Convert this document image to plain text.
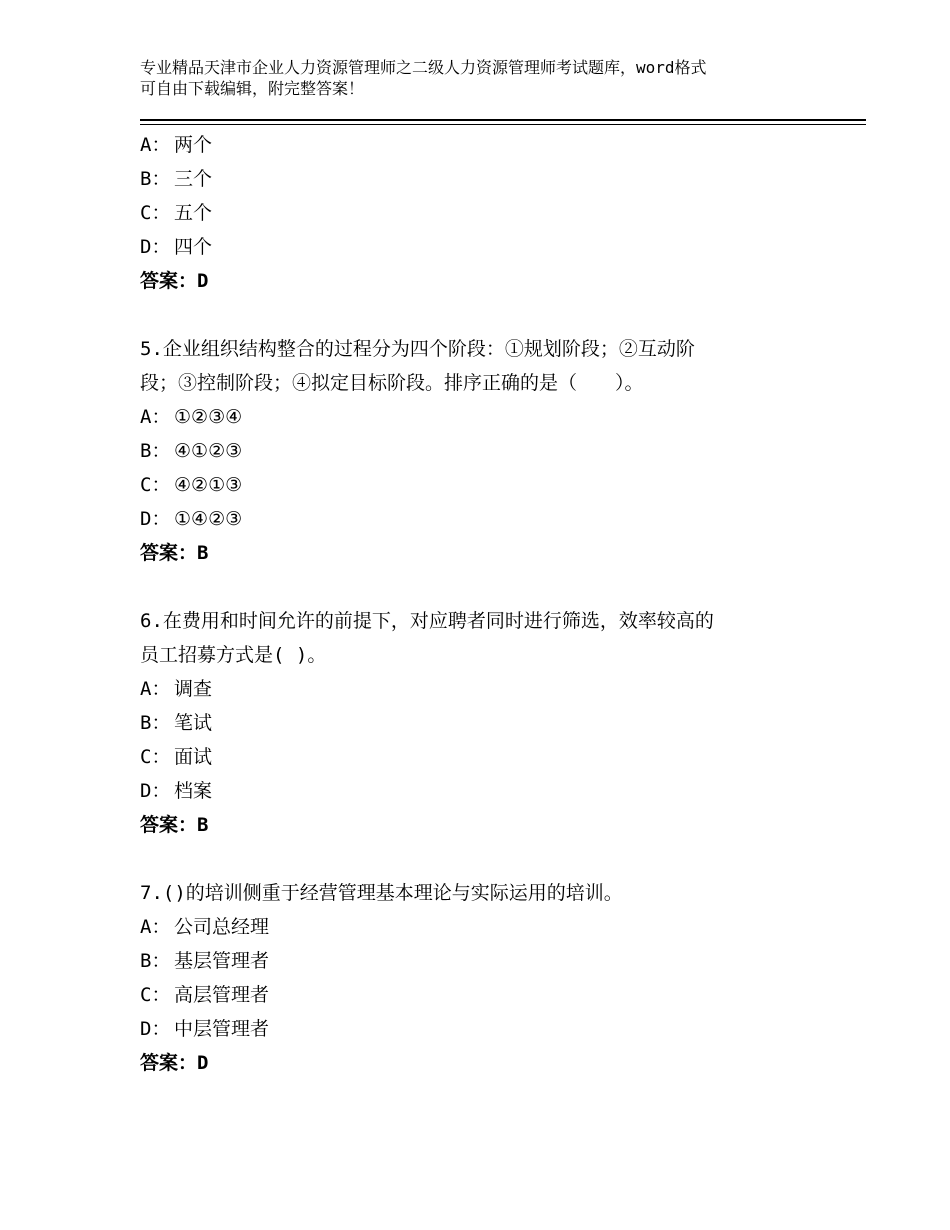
专业精品天津市企业人力资源管理师之二级人力资源管理师考试题库，word格式
可自由下载编辑，附完整答案！
A： 两个
B： 三个
C： 五个
D： 四个
答案：D
5.企业组织结构整合的过程分为四个阶段：①规划阶段；②互动阶
段；③控制阶段；④拟定目标阶段。排序正确的是（　　）。
A： ①②③④
B： ④①②③
C： ④②①③
D： ①④②③
答案：B
6.在费用和时间允许的前提下，对应聘者同时进行筛选，效率较高的
员工招募方式是( )。
A： 调查
B： 笔试
C： 面试
D： 档案
答案：B
7.()的培训侧重于经营管理基本理论与实际运用的培训。
A： 公司总经理
B： 基层管理者
C： 高层管理者
D： 中层管理者
答案：D
